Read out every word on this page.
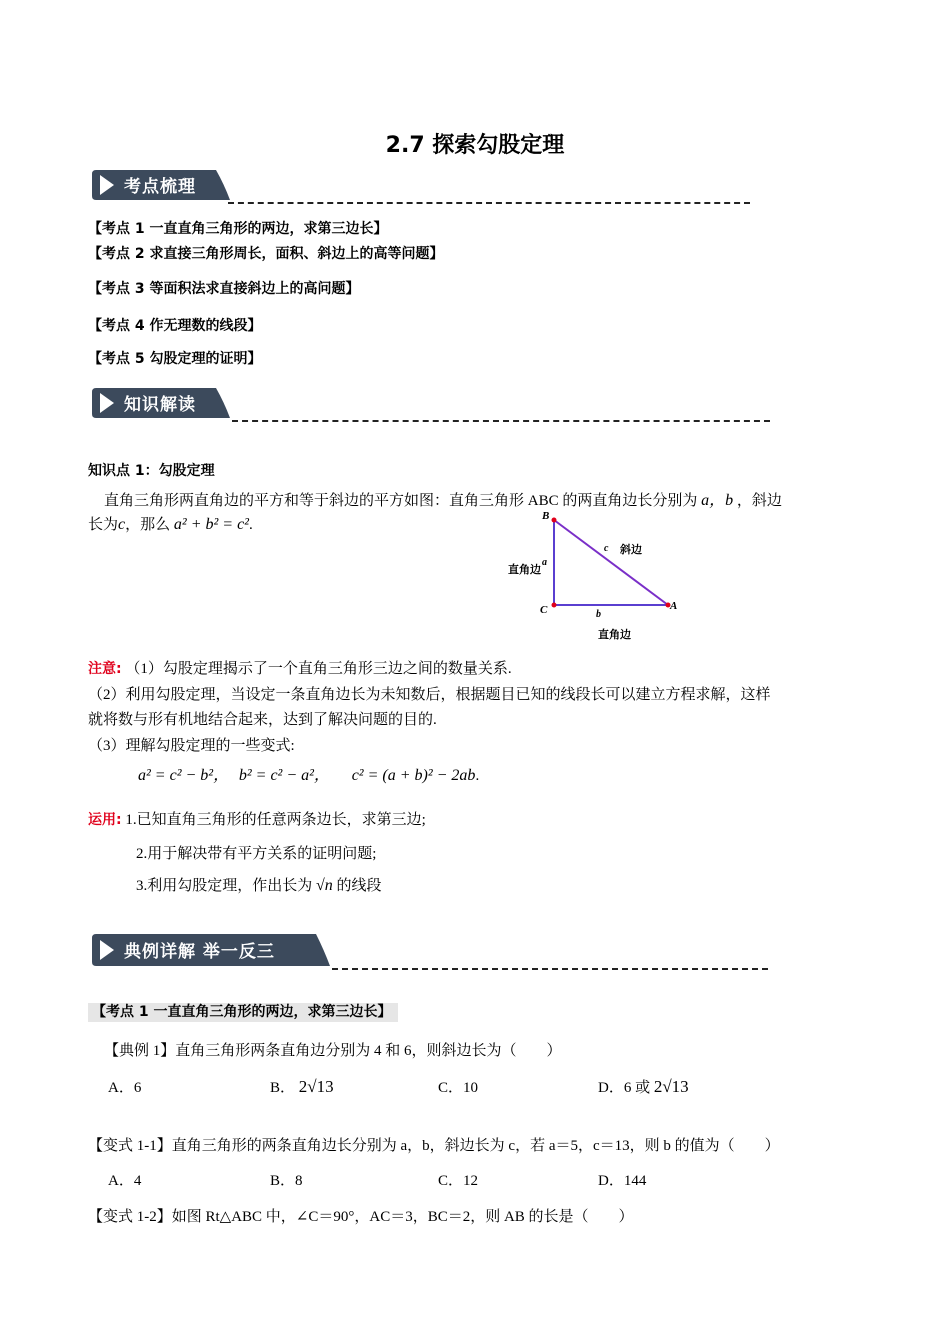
2.7 探索勾股定理
考点梳理
【考点 1 一直直角三角形的两边，求第三边长】
【考点 2 求直接三角形周长，面积、斜边上的高等问题】
【考点 3 等面积法求直接斜边上的高问题】
【考点 4 作无理数的线段】
【考点 5 勾股定理的证明】
知识解读
知识点 1：勾股定理
直角三角形两直角边的平方和等于斜边的平方如图：直角三角形 ABC 的两直角边长分别为 a，b ，斜边
长为c，那么 a² + b² = c².
B
C	A
a
b
c 斜边
直角边
直角边
注意: （1）勾股定理揭示了一个直角三角形三边之间的数量关系.
（2）利用勾股定理，当设定一条直角边长为未知数后，根据题目已知的线段长可以建立方程求解，这样
就将数与形有机地结合起来，达到了解决问题的目的.
（3）理解勾股定理的一些变式:
a² = c² − b²， b² = c² − a²， c² = (a + b)² − 2ab.
运用: 1.已知直角三角形的任意两条边长，求第三边;
2.用于解决带有平方关系的证明问题;
3.利用勾股定理，作出长为 √n 的线段
典例详解 举一反三
【考点 1 一直直角三角形的两边，求第三边长】
【典例 1】直角三角形两条直角边分别为 4 和 6，则斜边长为（　　）
A．6	B． 2√13	C．10	D．6 或 2√13
【变式 1-1】直角三角形的两条直角边长分别为 a，b，斜边长为 c，若 a＝5，c＝13，则 b 的值为（　　）
A．4	B．8	C．12	D．144
【变式 1-2】如图 Rt△ABC 中，∠C＝90°，AC＝3，BC＝2，则 AB 的长是（　　）
